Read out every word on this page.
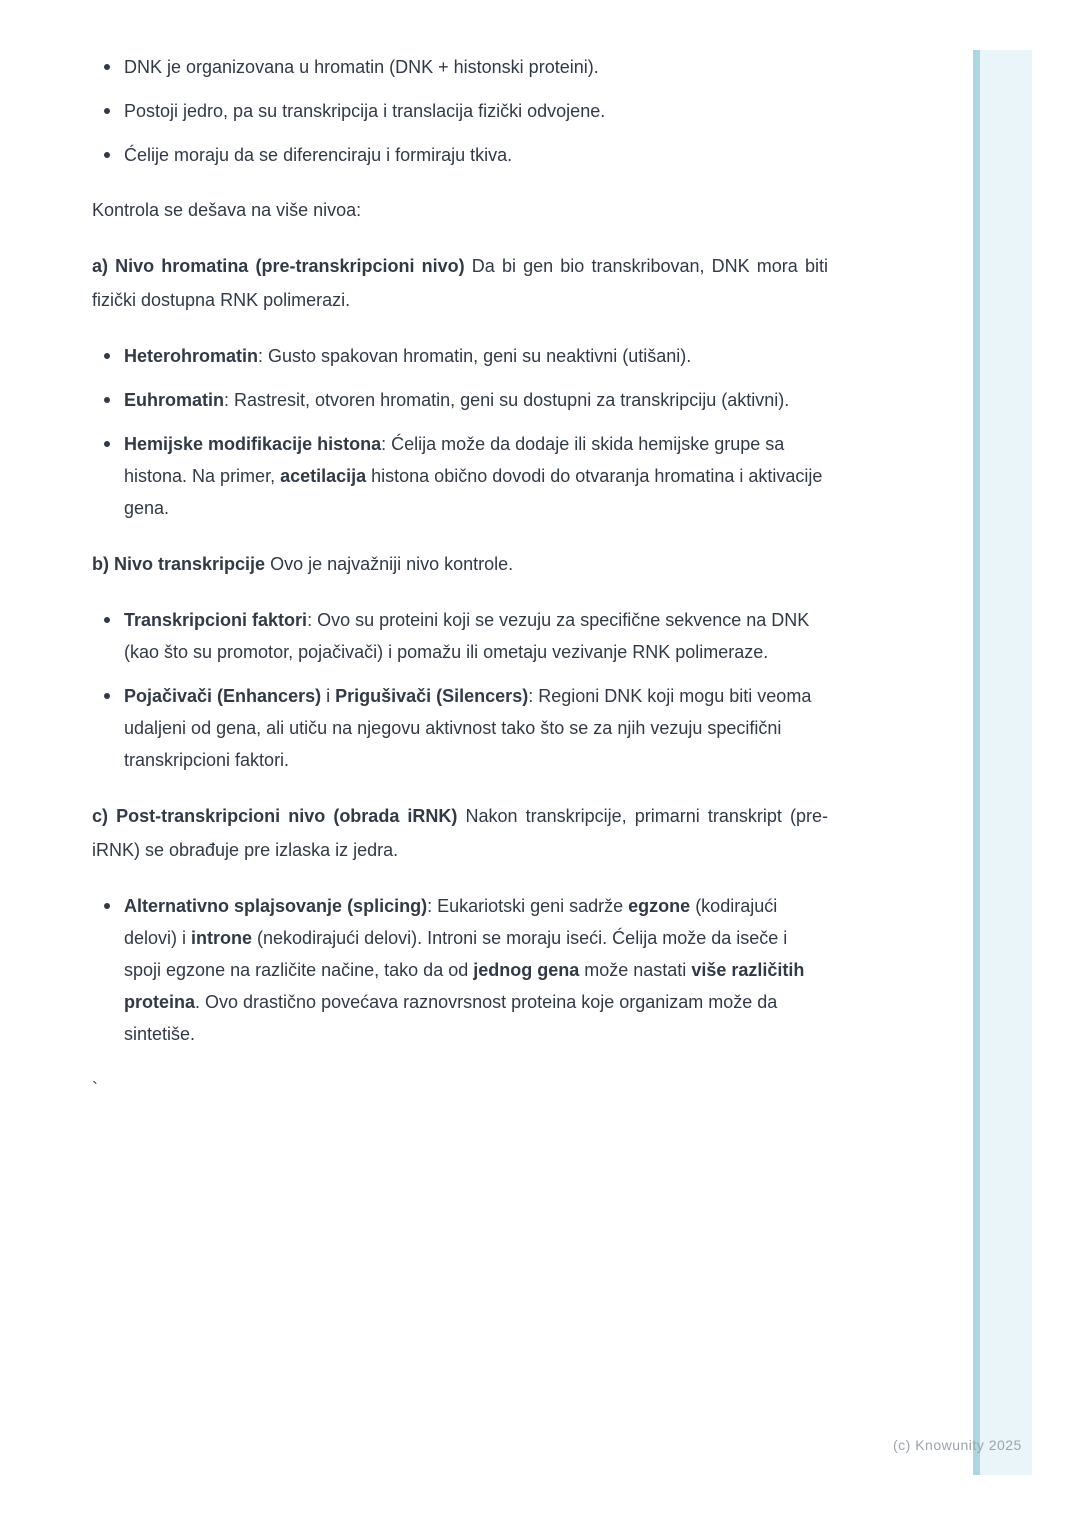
DNK je organizovana u hromatin (DNK + histonski proteini).
Postoji jedro, pa su transkripcija i translacija fizički odvojene.
Ćelije moraju da se diferenciraju i formiraju tkiva.

Kontrola se dešava na više nivoa:

a) Nivo hromatina (pre-transkripcioni nivo) Da bi gen bio transkribovan, DNK mora biti fizički dostupna RNK polimerazi.

Heterohromatin: Gusto spakovan hromatin, geni su neaktivni (utišani).
Euhromatin: Rastresit, otvoren hromatin, geni su dostupni za transkripciju (aktivni).
Hemijske modifikacije histona: Ćelija može da dodaje ili skida hemijske grupe sa histona. Na primer, acetilacija histona obično dovodi do otvaranja hromatina i aktivacije gena.

b) Nivo transkripcije Ovo je najvažniji nivo kontrole.

Transkripcioni faktori: Ovo su proteini koji se vezuju za specifične sekvence na DNK (kao što su promotor, pojačivači) i pomažu ili ometaju vezivanje RNK polimeraze.
Pojačivači (Enhancers) i Prigušivači (Silencers): Regioni DNK koji mogu biti veoma udaljeni od gena, ali utiču na njegovu aktivnost tako što se za njih vezuju specifični transkripcioni faktori.

c) Post-transkripcioni nivo (obrada iRNK) Nakon transkripcije, primarni transkript (pre-iRNK) se obrađuje pre izlaska iz jedra.

Alternativno splajsovanje (splicing): Eukariotski geni sadrže egzone (kodirajući delovi) i introne (nekodirajući delovi). Introni se moraju iseći. Ćelija može da iseče i spoji egzone na različite načine, tako da od jednog gena može nastati više različitih proteina. Ovo drastično povećava raznovrsnost proteina koje organizam može da sintetiše.

`

(c) Knowunity 2025
